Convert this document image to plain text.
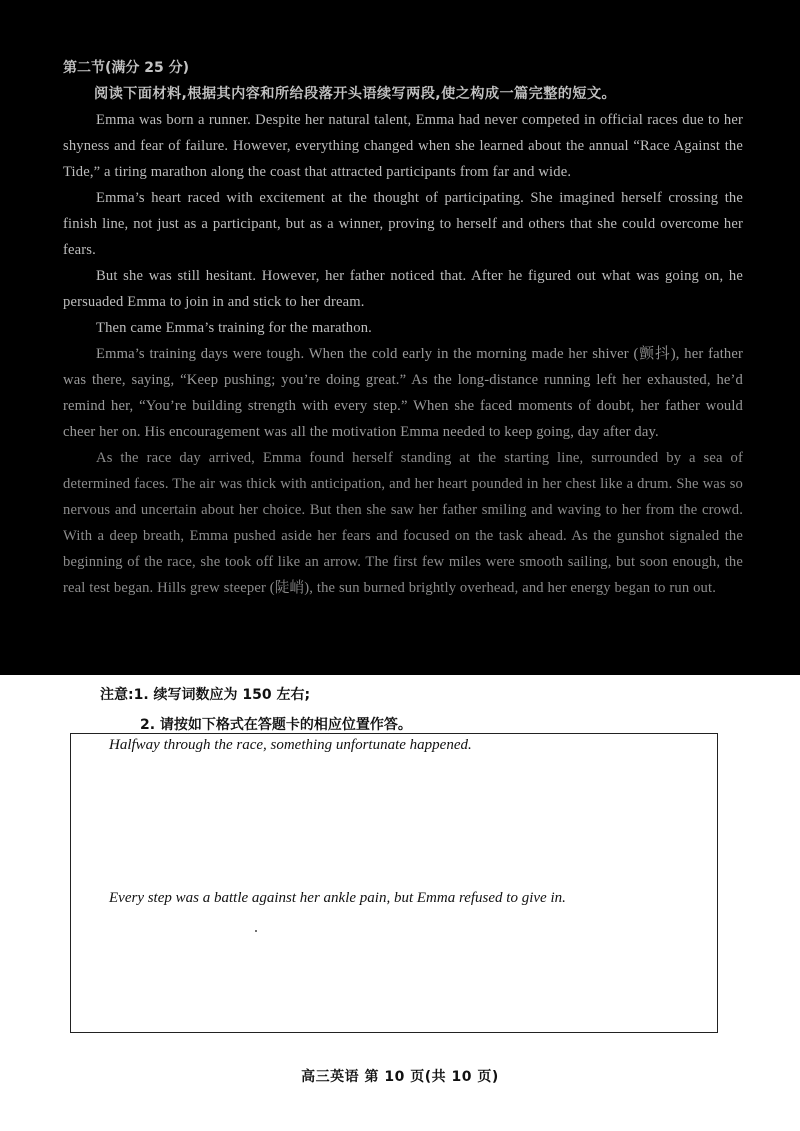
第二节(满分 25 分)

阅读下面材料,根据其内容和所给段落开头语续写两段,使之构成一篇完整的短文。

Emma was born a runner. Despite her natural talent, Emma had never competed in official races due to her shyness and fear of failure. However, everything changed when she learned about the annual “Race Against the Tide,” a tiring marathon along the coast that attracted participants from far and wide.

Emma’s heart raced with excitement at the thought of participating. She imagined herself crossing the finish line, not just as a participant, but as a winner, proving to herself and others that she could overcome her fears.

But she was still hesitant. However, her father noticed that. After he figured out what was going on, he persuaded Emma to join in and stick to her dream.

Then came Emma’s training for the marathon.

Emma’s training days were tough. When the cold early in the morning made her shiver (颤抖), her father was there, saying, “Keep pushing; you’re doing great.” As the long-distance running left her exhausted, he’d remind her, “You’re building strength with every step.” When she faced moments of doubt, her father would cheer her on. His encouragement was all the motivation Emma needed to keep going, day after day.

As the race day arrived, Emma found herself standing at the starting line, surrounded by a sea of determined faces. The air was thick with anticipation, and her heart pounded in her chest like a drum. She was so nervous and uncertain about her choice. But then she saw her father smiling and waving to her from the crowd. With a deep breath, Emma pushed aside her fears and focused on the task ahead. As the gunshot signaled the beginning of the race, she took off like an arrow. The first few miles were smooth sailing, but soon enough, the real test began. Hills grew steeper (陡峭), the sun burned brightly overhead, and her energy began to run out.

注意:1. 续写词数应为 150 左右;
2. 请按如下格式在答题卡的相应位置作答。
Halfway through the race, something unfortunate happened.
Every step was a battle against her ankle pain, but Emma refused to give in.
高三英语 第 10 页(共 10 页)
